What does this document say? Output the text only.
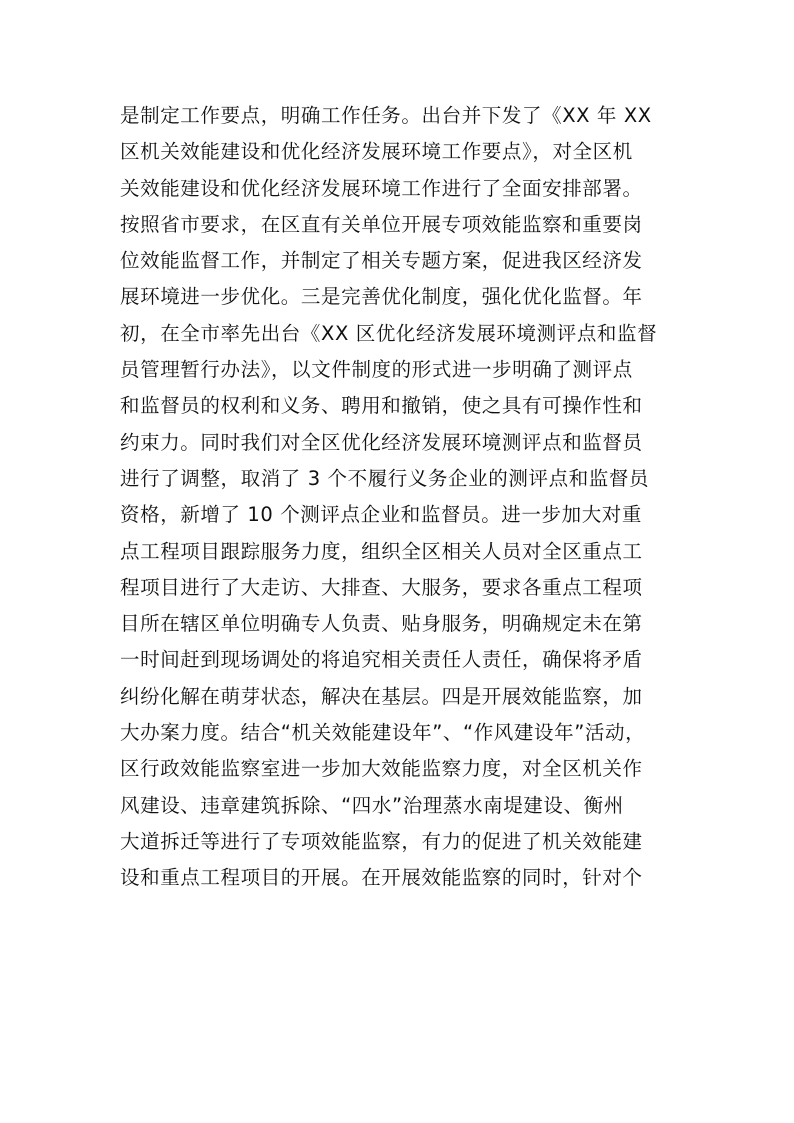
是制定工作要点，明确工作任务。出台并下发了《XX 年 XX
区机关效能建设和优化经济发展环境工作要点》，对全区机
关效能建设和优化经济发展环境工作进行了全面安排部署。
按照省市要求，在区直有关单位开展专项效能监察和重要岗
位效能监督工作，并制定了相关专题方案，促进我区经济发
展环境进一步优化。三是完善优化制度，强化优化监督。年
初，在全市率先出台《XX 区优化经济发展环境测评点和监督
员管理暂行办法》，以文件制度的形式进一步明确了测评点
和监督员的权利和义务、聘用和撤销，使之具有可操作性和
约束力。同时我们对全区优化经济发展环境测评点和监督员
进行了调整，取消了 3 个不履行义务企业的测评点和监督员
资格，新增了 10 个测评点企业和监督员。进一步加大对重
点工程项目跟踪服务力度，组织全区相关人员对全区重点工
程项目进行了大走访、大排查、大服务，要求各重点工程项
目所在辖区单位明确专人负责、贴身服务，明确规定未在第
一时间赶到现场调处的将追究相关责任人责任，确保将矛盾
纠纷化解在萌芽状态，解决在基层。四是开展效能监察，加
大办案力度。结合“机关效能建设年”、“作风建设年”活动，
区行政效能监察室进一步加大效能监察力度，对全区机关作
风建设、违章建筑拆除、“四水”治理蒸水南堤建设、衡州
大道拆迁等进行了专项效能监察，有力的促进了机关效能建
设和重点工程项目的开展。在开展效能监察的同时，针对个
